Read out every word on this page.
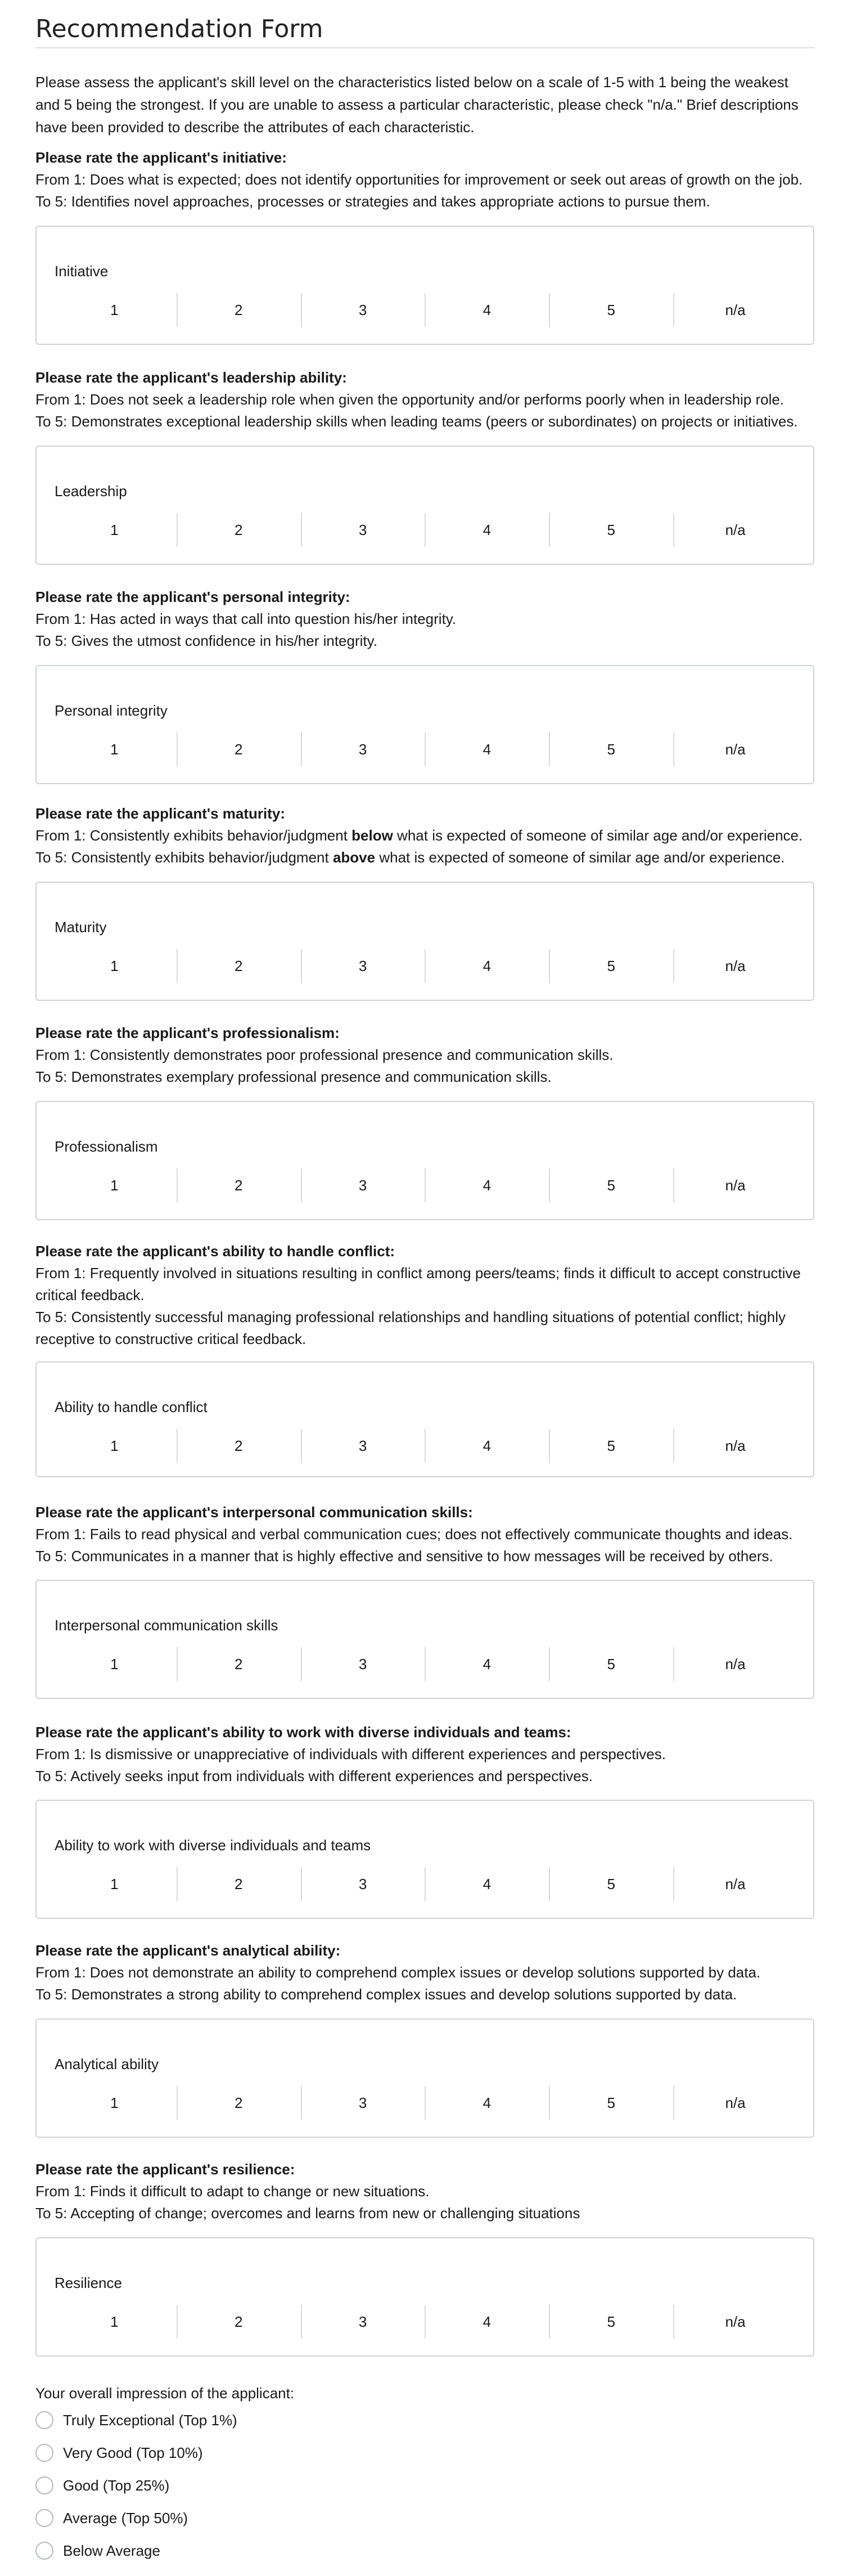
Recommendation Form

Please assess the applicant's skill level on the characteristics listed below on a scale of 1-5 with 1 being the weakest and 5 being the strongest. If you are unable to assess a particular characteristic, please check "n/a." Brief descriptions have been provided to describe the attributes of each characteristic.

Please rate the applicant's initiative:
From 1: Does what is expected; does not identify opportunities for improvement or seek out areas of growth on the job.
To 5: Identifies novel approaches, processes or strategies and takes appropriate actions to pursue them.
Initiative
1	2	3	4	5	n/a
Please rate the applicant's leadership ability:
From 1: Does not seek a leadership role when given the opportunity and/or performs poorly when in leadership role.
To 5: Demonstrates exceptional leadership skills when leading teams (peers or subordinates) on projects or initiatives.
Leadership
1	2	3	4	5	n/a
Please rate the applicant's personal integrity:
From 1: Has acted in ways that call into question his/her integrity.
To 5: Gives the utmost confidence in his/her integrity.
Personal integrity
1	2	3	4	5	n/a
Please rate the applicant's maturity:
From 1: Consistently exhibits behavior/judgment below what is expected of someone of similar age and/or experience.
To 5: Consistently exhibits behavior/judgment above what is expected of someone of similar age and/or experience.
Maturity
1	2	3	4	5	n/a
Please rate the applicant's professionalism:
From 1: Consistently demonstrates poor professional presence and communication skills.
To 5: Demonstrates exemplary professional presence and communication skills.
Professionalism
1	2	3	4	5	n/a
Please rate the applicant's ability to handle conflict:
From 1: Frequently involved in situations resulting in conflict among peers/teams; finds it difficult to accept constructive critical feedback.
To 5: Consistently successful managing professional relationships and handling situations of potential conflict; highly receptive to constructive critical feedback.
Ability to handle conflict
1	2	3	4	5	n/a
Please rate the applicant's interpersonal communication skills:
From 1: Fails to read physical and verbal communication cues; does not effectively communicate thoughts and ideas.
To 5: Communicates in a manner that is highly effective and sensitive to how messages will be received by others.
Interpersonal communication skills
1	2	3	4	5	n/a
Please rate the applicant's ability to work with diverse individuals and teams:
From 1: Is dismissive or unappreciative of individuals with different experiences and perspectives.
To 5: Actively seeks input from individuals with different experiences and perspectives.
Ability to work with diverse individuals and teams
1	2	3	4	5	n/a
Please rate the applicant's analytical ability:
From 1: Does not demonstrate an ability to comprehend complex issues or develop solutions supported by data.
To 5: Demonstrates a strong ability to comprehend complex issues and develop solutions supported by data.
Analytical ability
1	2	3	4	5	n/a
Please rate the applicant's resilience:
From 1: Finds it difficult to adapt to change or new situations.
To 5: Accepting of change; overcomes and learns from new or challenging situations
Resilience
1	2	3	4	5	n/a
Your overall impression of the applicant:
Truly Exceptional (Top 1%)
Very Good (Top 10%)
Good (Top 25%)
Average (Top 50%)
Below Average
